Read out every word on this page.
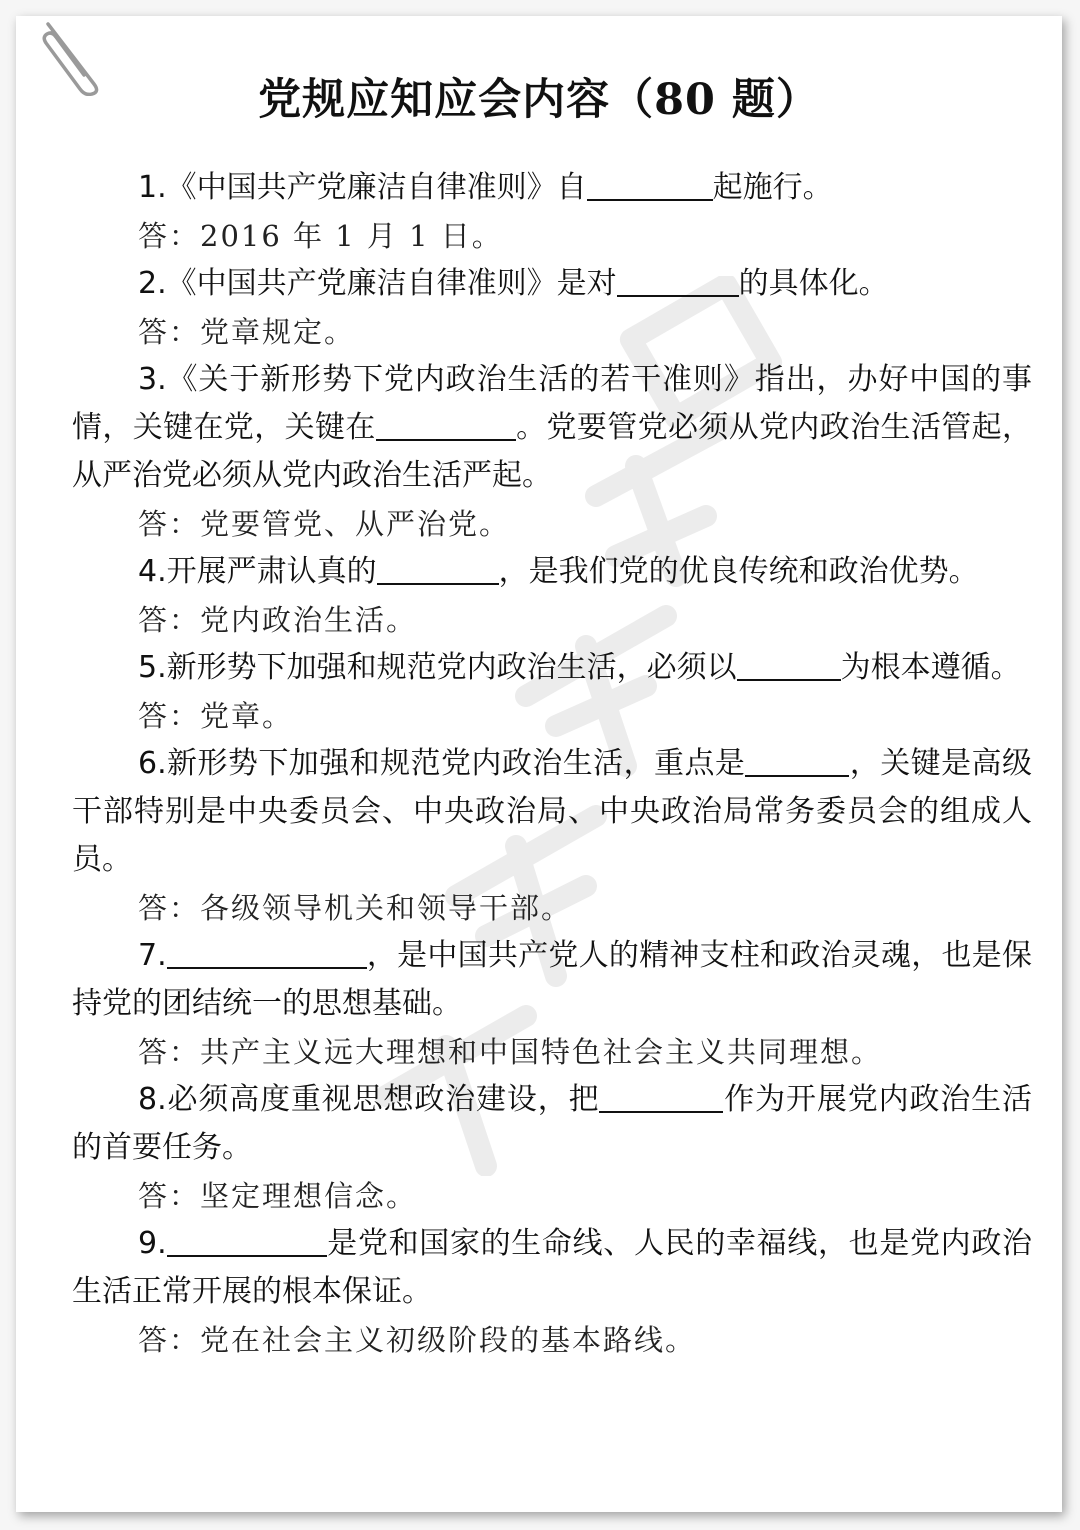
党规应知应会内容（80 题）

1.《中国共产党廉洁自律准则》自	起施行。

答：2016 年 1 月 1 日。

2.《中国共产党廉洁自律准则》是对	的具体化。

答：党章规定。

3.《关于新形势下党内政治生活的若干准则》指出，办好中国的事情，关键在党，关键在	。党要管党必须从党内政治生活管起，从严治党必须从党内政治生活严起。

答：党要管党、从严治党。

4.开展严肃认真的	，是我们党的优良传统和政治优势。

答：党内政治生活。

5.新形势下加强和规范党内政治生活，必须以	为根本遵循。

答：党章。

6.新形势下加强和规范党内政治生活，重点是	，关键是高级干部特别是中央委员会、中央政治局、中央政治局常务委员会的组成人员。

答：各级领导机关和领导干部。

7.	，是中国共产党人的精神支柱和政治灵魂，也是保持党的团结统一的思想基础。

答：共产主义远大理想和中国特色社会主义共同理想。

8.必须高度重视思想政治建设，把	作为开展党内政治生活的首要任务。

答：坚定理想信念。

9.	是党和国家的生命线、人民的幸福线，也是党内政治生活正常开展的根本保证。

答：党在社会主义初级阶段的基本路线。
